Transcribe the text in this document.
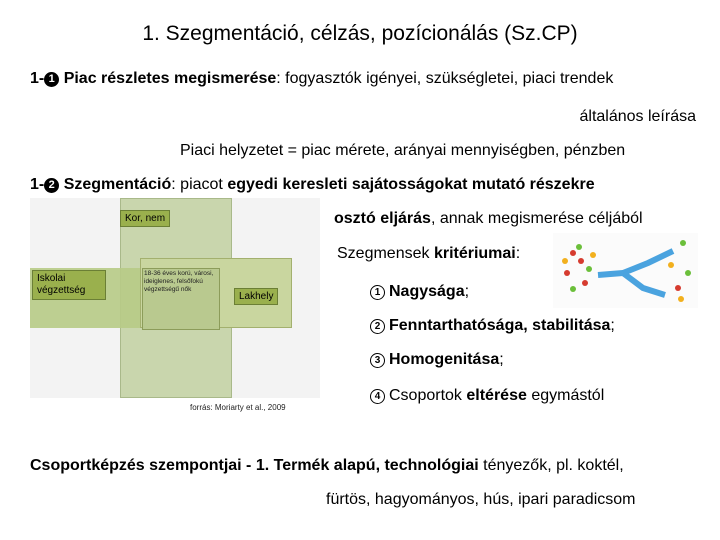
1. Szegmentáció, célzás, pozícionálás (Sz.CP)
1- 1 Piac részletes megismerése: fogyasztók igényei, szükségletei, piaci trendek
általános leírása
Piaci helyzetet = piac mérete, arányai mennyiségben, pénzben
1- 2 Szegmentáció: piacot egyedi keresleti sajátosságokat mutató részekre
osztó eljárás, annak megismerése céljából
Kor, nem
Iskolai végzettség
Lakhely
18-36 éves korú, városi, ideiglenes, felsőfokú végzettségű nők
forrás: Moriarty et al., 2009
Szegmensek kritériumai:
1 Nagysága;
2 Fenntarthatósága, stabilitása;
3 Homogenitása;
4 Csoportok eltérése egymástól
Csoportképzés szempontjai - 1. Termék alapú, technológiai tényezők, pl. koktél,
fürtös, hagyományos, hús, ipari paradicsom
